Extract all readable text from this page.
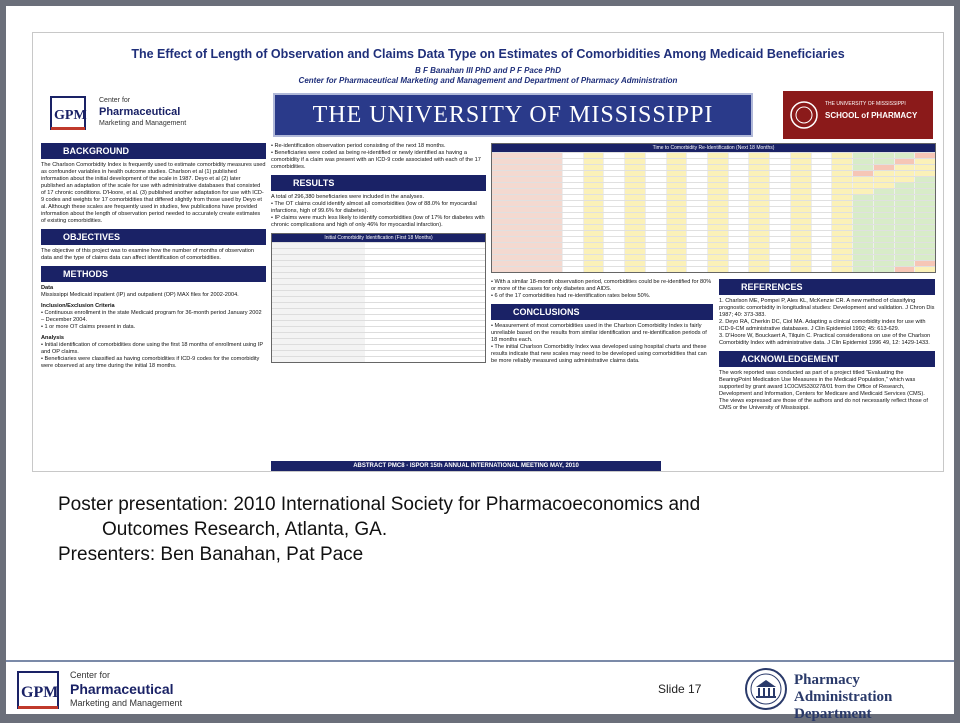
The Effect of Length of Observation and Claims Data Type on Estimates of Comorbidities Among Medicaid Beneficiaries
B F Banahan III PhD and P F Pace PhD
Center for Pharmaceutical Marketing and Management and Department of Pharmacy Administration
GPM
Center for
Pharmaceutical
Marketing and Management	THE UNIVERSITY OF MISSISSIPPI	THE UNIVERSITY OF MISSISSIPPI
SCHOOL of PHARMACY
BACKGROUND
The Charlson Comorbidity Index is frequently used to estimate comorbidity measures used as confounder variables in health outcome studies. Charlson et al (1) published information about the initial development of the scale in 1987. Deyo et al (2) later published an adaptation of the scale for use with administrative databases that consisted of 17 chronic conditions. D'Hoore, et al. (3) published another adaptation for use with ICD-9 codes and weights for 17 comorbidities that differed slightly from those used by Deyo et al. Although these scales are frequently used in studies, few publications have provided information about the length of observation period needed to accurately create estimates of existing comorbidities.
OBJECTIVES
The objective of this project was to examine how the number of months of observation data and the type of claims data can affect identification of comorbidities.
METHODS
Data
Mississippi Medicaid inpatient (IP) and outpatient (OP) MAX files for 2002-2004.
Inclusion/Exclusion Criteria
• Continuous enrollment in the state Medicaid program for 36-month period January 2002 – December 2004.
• 1 or more OT claims present in data.
Analysis
• Initial identification of comorbidities done using the first 18 months of enrollment using IP and OP claims.
• Beneficiaries were classified as having comorbidities if ICD-9 codes for the comorbidity were observed at any time during the initial 18 months.
• Re-identification observation period consisting of the next 18 months.
• Beneficiaries were coded as being re-identified or newly identified as having a comorbidity if a claim was present with an ICD-9 code associated with each of the 17 comorbidities.
RESULTS
A total of 296,380 beneficiaries were included in the analyses.
• The OT claims could identify almost all comorbidities (low of 88.0% for myocardial infarctions, high of 99.6% for diabetes).
• IP claims were much less likely to identify comorbidities (low of 17% for diabetes with chronic complications and high of only 46% for myocardial infarction).
Initial Comorbidity Identification (First 18 Months)
Time to Comorbidity Re-Identification (Next 18 Months)
• With a similar 18-month observation period, comorbidities could be re-identified for 80% or more of the cases for only diabetes and AIDS.
• 6 of the 17 comorbidities had re-identification rates below 50%.
CONCLUSIONS
• Measurement of most comorbidities used in the Charlson Comorbidity Index is fairly unreliable based on the results from similar identification and re-identification periods of 18 months each.
• The initial Charlson Comorbidity Index was developed using hospital charts and these results indicate that new scales may need to be developed using comorbidities that can be more reliably measured using administrative claims data.
REFERENCES
1. Charlson ME, Pompei P, Ales KL, McKenzie CR. A new method of classifying prognostic comorbidity in longitudinal studies: Development and validation. J Chron Dis 1987; 40: 373-383.
2. Deyo RA, Cherkin DC, Ciol MA. Adapting a clinical comorbidity index for use with ICD-9-CM administrative databases. J Clin Epidemiol 1992; 45: 613-629.
3. D'Hoore W, Bouckaert A, Tilquin C. Practical considerations on use of the Charlson Comorbidity Index with administrative data. J Clin Epidemiol 1996 49, 12: 1429-1433.
ACKNOWLEDGEMENT
The work reported was conducted as part of a project titled "Evaluating the BearingPoint Medication Use Measures in the Medicaid Population," which was supported by grant award 1C0CMS330278/01 from the Office of Research, Development and Information, Centers for Medicare and Medicaid Services (CMS). The views expressed are those of the authors and do not necessarily reflect those of CMS or the University of Mississippi.
ABSTRACT PMC8 - ISPOR 15th ANNUAL INTERNATIONAL MEETING MAY, 2010
Poster presentation: 2010 International Society for Pharmacoeconomics and
Outcomes Research, Atlanta, GA.
Presenters: Ben Banahan, Pat Pace
GPM
Center for
Pharmaceutical
Marketing and Management
Slide 17
Pharmacy Administration
Department
